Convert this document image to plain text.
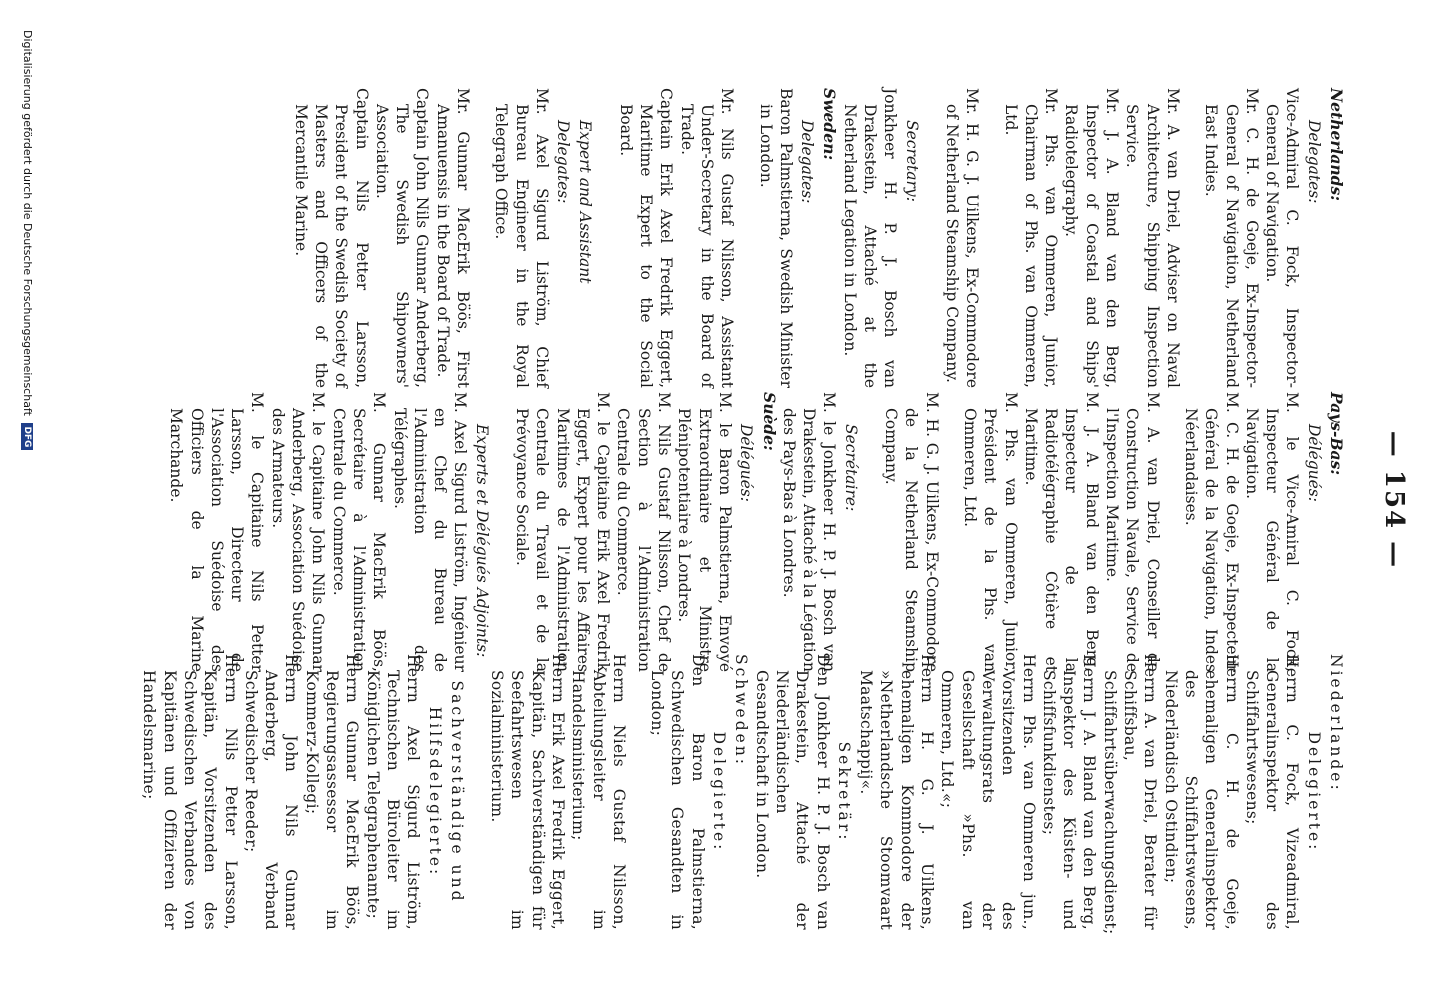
— 154 —
Netherlands:
Delegates:

Vice-Admiral C. Fock, Inspector-General of Navigation.

Mr. C. H. de Goeje, Ex-Inspector-General of Navigation, Netherland East Indies.

Mr. A. van Driel, Adviser on Naval Architecture, Shipping Inspection Service.

Mr. J. A. Bland van den Berg, Inspector of Coastal and Ships' Radiotelegraphy.

Mr. Phs. van Ommeren, Junior, Chairman of Phs. van Ommeren, Ltd.

Mr. H. G. J. Uilkens, Ex-Commodore of Netherland Steamship Company.

Secretary:

Jonkheer H. P. J. Bosch van Drakestein, Attaché at the Netherland Legation in London.

Sweden:
Delegates:

Baron Palmstierna, Swedish Minister in London.

Mr. Nils Gustaf Nilsson, Assistant Under-Secretary in the Board of Trade.

Captain Erik Axel Fredrik Eggert, Maritime Expert to the Social Board.

Expert and Assistant
Delegates:

Mr. Axel Sigurd Liström, Chief Bureau Engineer in the Royal Telegraph Office.

Mr. Gunnar MacErik Böös, First Amanuensis in the Board of Trade.

Captain John Nils Gunnar Anderberg, The Swedish Shipowners' Association.

Captain Nils Petter Larsson, President of the Swedish Society of Masters and Officers of the Mercantile Marine.

Pays-Bas:
Délégués:

M. le Vice-Amiral C. Fock, Inspecteur Général de la Navigation.

M. C. H. de Goeje, Ex-Inspecteur Général de la Navigation, Indes Néerlandaises.

M. A. van Driel, Conseiller de Construction Navale, Service de l'Inspection Maritime.

M. J. A. Bland van den Berg, Inspecteur de la Radiotélégraphie Côtière et Maritime.

M. Phs. van Ommeren, Junior, Président de la Phs. van Ommeren, Ltd.

M. H. G. J. Uilkens, Ex-Commodore de la Netherland Steamship Company.

Secrétaire:

M. le Jonkheer H. P. J. Bosch van Drakestein, Attaché à la Légation des Pays-Bas à Londres.

Suède:
Délégués:

M. le Baron Palmstierna, Envoyé Extraordinaire et Ministre Plénipotentiaire à Londres.

M. Nils Gustaf Nilsson, Chef de Section à l'Administration Centrale du Commerce.

M. le Capitaine Erik Axel Fredrik Eggert, Expert pour les Affaires Maritimes de l'Administration Centrale du Travail et de la Prévoyance Sociale.

Experts et Délégués Adjoints:

M. Axel Sigurd Liström, Ingénieur en Chef du Bureau de l'Administration des Télégraphes.

M. Gunnar MacErik Böös, Secrétaire à l'Administration Centrale du Commerce.

M. le Capitaine John Nils Gunnar Anderberg, Association Suédoise des Armateurs.

M. le Capitaine Nils Petter Larsson, Directeur de l'Association Suédoise des Officiers de la Marine Marchande.

Niederlande:
Delegierte:

Herrn C. Fock, Vizeadmiral, Generalinspektor des Schiffahrtswesens;

Herrn C. H. de Goeje, ehemaligen Generalinspektor des Schiffahrtswesens, Niederländisch Ostindien;

Herrn A. van Driel, Berater für Schiffsbau, Schiffahrtsüberwachungsdienst;

Herrn J. A. Bland van den Berg, Inspektor des Küsten- und Schiffsfunkdienstes;

Herrn Phs. van Ommeren jun., Vorsitzenden des Verwaltungsrats der Gesellschaft »Phs. van Ommeren, Ltd.«;

Herrn H. G. J. Uilkens, ehemaligen Kommodore der »Netherlandsche Stoomvaart Maatschappij«.

Sekretär:

Den Jonkheer H. P. J. Bosch van Drakestein, Attaché der Niederländischen Gesandtschaft in London.

Schweden:
Delegierte:

Den Baron Palmstierna, Schwedischen Gesandten in London;

Herrn Niels Gustaf Nilsson, Abteilungsleiter im Handelsministerium;

Herrn Erik Axel Fredrik Eggert, Kapitän, Sachverständigen für Seefahrtswesen im Sozialministerium.

Sachverständige und
Hilfsdelegierte:

Herrn Axel Sigurd Liström, Technischen Büroleiter im Königlichen Telegraphenamte;

Herrn Gunnar MacErik Böös, Regierungsassessor im Kommerz-Kollegi;

Herrn John Nils Gunnar Anderberg, Verband Schwedischer Reeder;

Herrn Nils Petter Larsson, Kapitän, Vorsitzenden des Schwedischen Verbandes von Kapitänen und Offizieren der Handelsmarine;

Digitalisierung gefördert durch die Deutsche Forschungsgemeinschaft DFG
